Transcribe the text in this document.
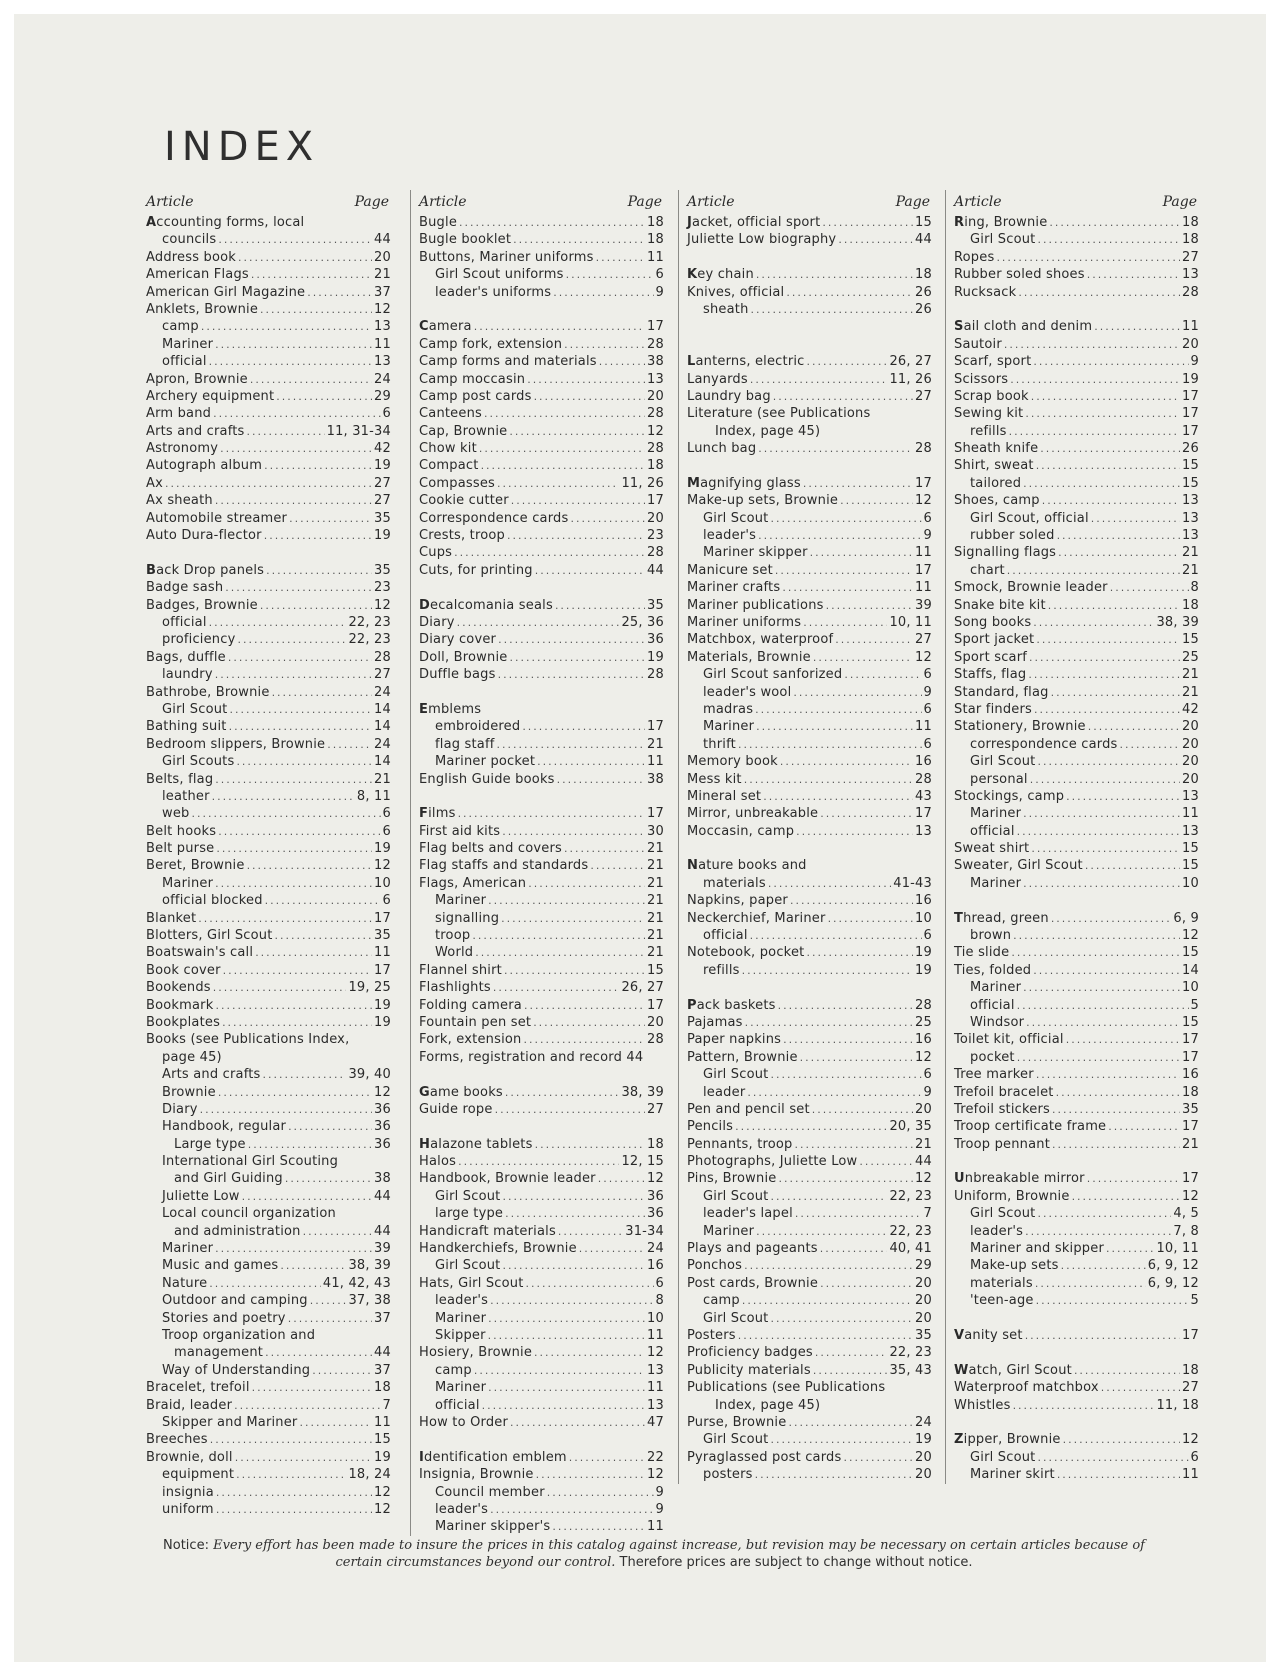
INDEX
Article	Page
Accounting forms, local
councils .....	44
Address book .....	20
American Flags .....	21
American Girl Magazine .....	37
Anklets, Brownie .....	12
camp .....	13
Mariner .....	11
official .....	13
Apron, Brownie .....	24
Archery equipment .....	29
Arm band .....	6
Arts and crafts .....	11, 31-34
Astronomy .....	42
Autograph album .....	19
Ax .....	27
Ax sheath .....	27
Automobile streamer .....	35
Auto Dura-flector .....	19
Back Drop panels .....	35
Badge sash .....	23
Badges, Brownie .....	12
official .....	22, 23
proficiency .....	22, 23
Bags, duffle .....	28
laundry .....	27
Bathrobe, Brownie .....	24
Girl Scout .....	14
Bathing suit .....	14
Bedroom slippers, Brownie .....	24
Girl Scouts .....	14
Belts, flag .....	21
leather .....	8, 11
web .....	6
Belt hooks .....	6
Belt purse .....	19
Beret, Brownie .....	12
Mariner .....	10
official blocked .....	6
Blanket .....	17
Blotters, Girl Scout .....	35
Boatswain's call .....	11
Book cover .....	17
Bookends .....	19, 25
Bookmark .....	19
Bookplates .....	19
Books (see Publications Index,
page 45)
Arts and crafts .....	39, 40
Brownie .....	12
Diary .....	36
Handbook, regular .....	36
Large type .....	36
International Girl Scouting
and Girl Guiding .....	38
Juliette Low .....	44
Local council organization
and administration .....	44
Mariner .....	39
Music and games .....	38, 39
Nature .....	41, 42, 43
Outdoor and camping .....	37, 38
Stories and poetry .....	37
Troop organization and
management .....	44
Way of Understanding .....	37
Bracelet, trefoil .....	18
Braid, leader .....	7
Skipper and Mariner .....	11
Breeches .....	15
Brownie, doll .....	19
equipment .....	18, 24
insignia .....	12
uniform .....	12
Article	Page
Bugle .....	18
Bugle booklet .....	18
Buttons, Mariner uniforms .....	11
Girl Scout uniforms .....	6
leader's uniforms .....	9
Camera .....	17
Camp fork, extension .....	28
Camp forms and materials .....	38
Camp moccasin .....	13
Camp post cards .....	20
Canteens .....	28
Cap, Brownie .....	12
Chow kit .....	28
Compact .....	18
Compasses .....	11, 26
Cookie cutter .....	17
Correspondence cards .....	20
Crests, troop .....	23
Cups .....	28
Cuts, for printing .....	44
Decalcomania seals .....	35
Diary .....	25, 36
Diary cover .....	36
Doll, Brownie .....	19
Duffle bags .....	28
Emblems
embroidered .....	17
flag staff .....	21
Mariner pocket .....	11
English Guide books .....	38
Films .....	17
First aid kits .....	30
Flag belts and covers .....	21
Flag staffs and standards .....	21
Flags, American .....	21
Mariner .....	21
signalling .....	21
troop .....	21
World .....	21
Flannel shirt .....	15
Flashlights .....	26, 27
Folding camera .....	17
Fountain pen set .....	20
Fork, extension .....	28
Forms, registration and record 44
Game books .....	38, 39
Guide rope .....	27
Halazone tablets .....	18
Halos .....	12, 15
Handbook, Brownie leader .....	12
Girl Scout .....	36
large type .....	36
Handicraft materials .....	31-34
Handkerchiefs, Brownie .....	24
Girl Scout .....	16
Hats, Girl Scout .....	6
leader's .....	8
Mariner .....	10
Skipper .....	11
Hosiery, Brownie .....	12
camp .....	13
Mariner .....	11
official .....	13
How to Order .....	47
Identification emblem .....	22
Insignia, Brownie .....	12
Council member .....	9
leader's .....	9
Mariner skipper's .....	11
Article	Page
Jacket, official sport .....	15
Juliette Low biography .....	44
Key chain .....	18
Knives, official .....	26
sheath .....	26
Lanterns, electric .....	26, 27
Lanyards .....	11, 26
Laundry bag .....	27
Literature (see Publications
Index, page 45)
Lunch bag .....	28
Magnifying glass .....	17
Make-up sets, Brownie .....	12
Girl Scout .....	6
leader's .....	9
Mariner skipper .....	11
Manicure set .....	17
Mariner crafts .....	11
Mariner publications .....	39
Mariner uniforms .....	10, 11
Matchbox, waterproof .....	27
Materials, Brownie .....	12
Girl Scout sanforized .....	6
leader's wool .....	9
madras .....	6
Mariner .....	11
thrift .....	6
Memory book .....	16
Mess kit .....	28
Mineral set .....	43
Mirror, unbreakable .....	17
Moccasin, camp .....	13
Nature books and
materials .....	41-43
Napkins, paper .....	16
Neckerchief, Mariner .....	10
official .....	6
Notebook, pocket .....	19
refills .....	19
Pack baskets .....	28
Pajamas .....	25
Paper napkins .....	16
Pattern, Brownie .....	12
Girl Scout .....	6
leader .....	9
Pen and pencil set .....	20
Pencils .....	20, 35
Pennants, troop .....	21
Photographs, Juliette Low .....	44
Pins, Brownie .....	12
Girl Scout .....	22, 23
leader's lapel .....	7
Mariner .....	22, 23
Plays and pageants .....	40, 41
Ponchos .....	29
Post cards, Brownie .....	20
camp .....	20
Girl Scout .....	20
Posters .....	35
Proficiency badges .....	22, 23
Publicity materials .....	35, 43
Publications (see Publications
Index, page 45)
Purse, Brownie .....	24
Girl Scout .....	19
Pyraglassed post cards .....	20
posters .....	20
Article	Page
Ring, Brownie .....	18
Girl Scout .....	18
Ropes .....	27
Rubber soled shoes .....	13
Rucksack .....	28
Sail cloth and denim .....	11
Sautoir .....	20
Scarf, sport .....	9
Scissors .....	19
Scrap book .....	17
Sewing kit .....	17
refills .....	17
Sheath knife .....	26
Shirt, sweat .....	15
tailored .....	15
Shoes, camp .....	13
Girl Scout, official .....	13
rubber soled .....	13
Signalling flags .....	21
chart .....	21
Smock, Brownie leader .....	8
Snake bite kit .....	18
Song books .....	38, 39
Sport jacket .....	15
Sport scarf .....	25
Staffs, flag .....	21
Standard, flag .....	21
Star finders .....	42
Stationery, Brownie .....	20
correspondence cards .....	20
Girl Scout .....	20
personal .....	20
Stockings, camp .....	13
Mariner .....	11
official .....	13
Sweat shirt .....	15
Sweater, Girl Scout .....	15
Mariner .....	10
Thread, green .....	6, 9
brown .....	12
Tie slide .....	15
Ties, folded .....	14
Mariner .....	10
official .....	5
Windsor .....	15
Toilet kit, official .....	17
pocket .....	17
Tree marker .....	16
Trefoil bracelet .....	18
Trefoil stickers .....	35
Troop certificate frame .....	17
Troop pennant .....	21
Unbreakable mirror .....	17
Uniform, Brownie .....	12
Girl Scout .....	4, 5
leader's .....	7, 8
Mariner and skipper .....	10, 11
Make-up sets .....	6, 9, 12
materials .....	6, 9, 12
'teen-age .....	5
Vanity set .....	17
Watch, Girl Scout .....	18
Waterproof matchbox .....	27
Whistles .....	11, 18
Zipper, Brownie .....	12
Girl Scout .....	6
Mariner skirt .....	11
Notice: Every effort has been made to insure the prices in this catalog against increase, but revision may be necessary on certain articles because of certain circumstances beyond our control. Therefore prices are subject to change without notice.
